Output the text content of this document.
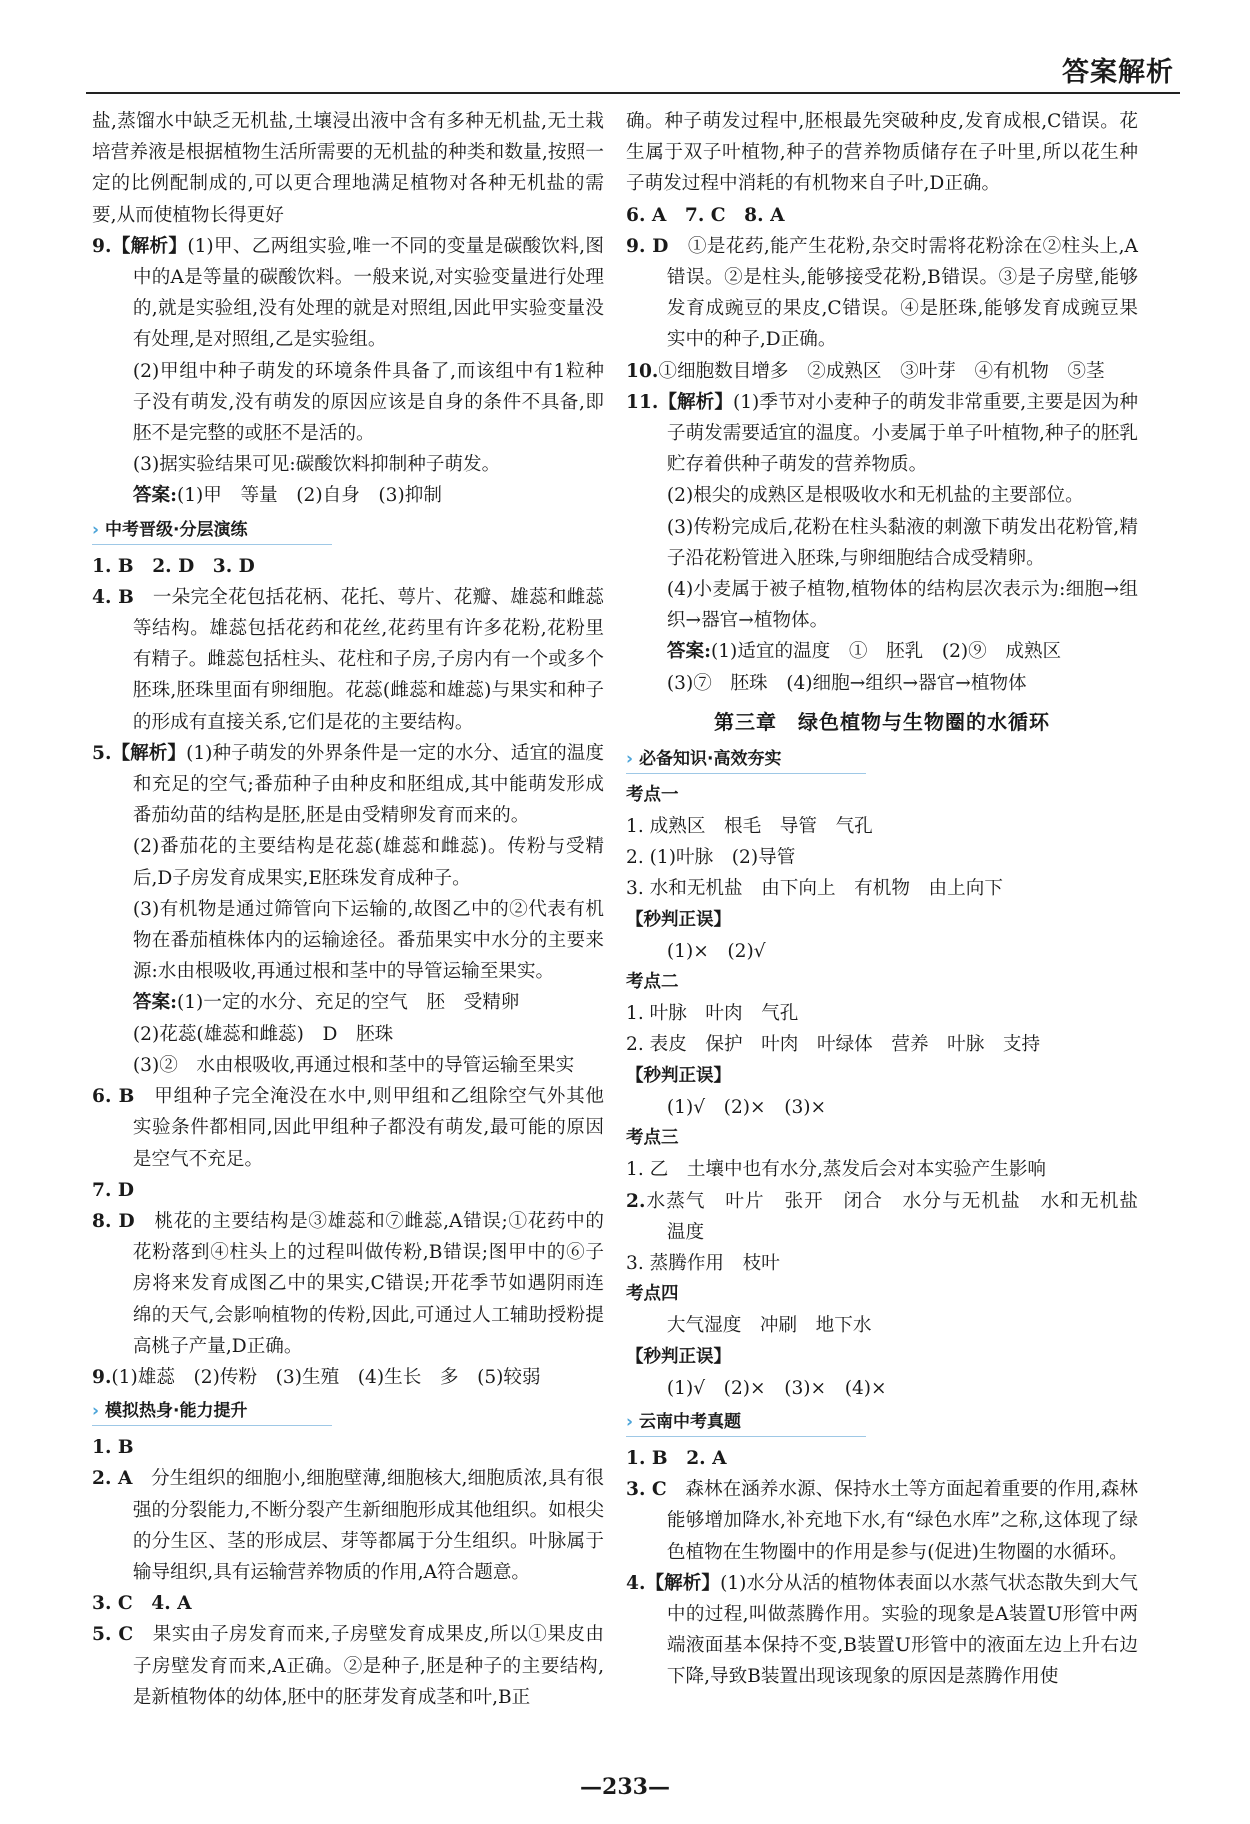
答案解析
盐,蒸馏水中缺乏无机盐,土壤浸出液中含有多种无机盐,无土栽培营养液是根据植物生活所需要的无机盐的种类和数量,按照一定的比例配制成的,可以更合理地满足植物对各种无机盐的需要,从而使植物长得更好
9.【解析】(1)甲、乙两组实验,唯一不同的变量是碳酸饮料,图中的A是等量的碳酸饮料。一般来说,对实验变量进行处理的,就是实验组,没有处理的就是对照组,因此甲实验变量没有处理,是对照组,乙是实验组。
(2)甲组中种子萌发的环境条件具备了,而该组中有1粒种子没有萌发,没有萌发的原因应该是自身的条件不具备,即胚不是完整的或胚不是活的。
(3)据实验结果可见:碳酸饮料抑制种子萌发。
答案:(1)甲　等量　(2)自身　(3)抑制
› 中考晋级·分层演练
1. B　2. D　3. D
4. B　一朵完全花包括花柄、花托、萼片、花瓣、雄蕊和雌蕊等结构。雄蕊包括花药和花丝,花药里有许多花粉,花粉里有精子。雌蕊包括柱头、花柱和子房,子房内有一个或多个胚珠,胚珠里面有卵细胞。花蕊(雌蕊和雄蕊)与果实和种子的形成有直接关系,它们是花的主要结构。
5.【解析】(1)种子萌发的外界条件是一定的水分、适宜的温度和充足的空气;番茄种子由种皮和胚组成,其中能萌发形成番茄幼苗的结构是胚,胚是由受精卵发育而来的。
(2)番茄花的主要结构是花蕊(雄蕊和雌蕊)。传粉与受精后,D子房发育成果实,E胚珠发育成种子。
(3)有机物是通过筛管向下运输的,故图乙中的②代表有机物在番茄植株体内的运输途径。番茄果实中水分的主要来源:水由根吸收,再通过根和茎中的导管运输至果实。
答案:(1)一定的水分、充足的空气　胚　受精卵
(2)花蕊(雄蕊和雌蕊)　D　胚珠
(3)②　水由根吸收,再通过根和茎中的导管运输至果实
6. B　甲组种子完全淹没在水中,则甲组和乙组除空气外其他实验条件都相同,因此甲组种子都没有萌发,最可能的原因是空气不充足。
7. D
8. D　桃花的主要结构是③雄蕊和⑦雌蕊,A错误;①花药中的花粉落到④柱头上的过程叫做传粉,B错误;图甲中的⑥子房将来发育成图乙中的果实,C错误;开花季节如遇阴雨连绵的天气,会影响植物的传粉,因此,可通过人工辅助授粉提高桃子产量,D正确。
9.(1)雄蕊　(2)传粉　(3)生殖　(4)生长　多　(5)较弱
› 模拟热身·能力提升
1. B
2. A　分生组织的细胞小,细胞壁薄,细胞核大,细胞质浓,具有很强的分裂能力,不断分裂产生新细胞形成其他组织。如根尖的分生区、茎的形成层、芽等都属于分生组织。叶脉属于输导组织,具有运输营养物质的作用,A符合题意。
3. C　4. A
5. C　果实由子房发育而来,子房壁发育成果皮,所以①果皮由子房壁发育而来,A正确。②是种子,胚是种子的主要结构,是新植物体的幼体,胚中的胚芽发育成茎和叶,B正
确。种子萌发过程中,胚根最先突破种皮,发育成根,C错误。花生属于双子叶植物,种子的营养物质储存在子叶里,所以花生种子萌发过程中消耗的有机物来自子叶,D正确。
6. A　7. C　8. A
9. D　①是花药,能产生花粉,杂交时需将花粉涂在②柱头上,A错误。②是柱头,能够接受花粉,B错误。③是子房壁,能够发育成豌豆的果皮,C错误。④是胚珠,能够发育成豌豆果实中的种子,D正确。
10.①细胞数目增多　②成熟区　③叶芽　④有机物　⑤茎
11.【解析】(1)季节对小麦种子的萌发非常重要,主要是因为种子萌发需要适宜的温度。小麦属于单子叶植物,种子的胚乳贮存着供种子萌发的营养物质。
(2)根尖的成熟区是根吸收水和无机盐的主要部位。
(3)传粉完成后,花粉在柱头黏液的刺激下萌发出花粉管,精子沿花粉管进入胚珠,与卵细胞结合成受精卵。
(4)小麦属于被子植物,植物体的结构层次表示为:细胞→组织→器官→植物体。
答案:(1)适宜的温度　①　胚乳　(2)⑨　成熟区
(3)⑦　胚珠　(4)细胞→组织→器官→植物体
第三章　绿色植物与生物圈的水循环
› 必备知识·高效夯实
考点一
1. 成熟区　根毛　导管　气孔
2. (1)叶脉　(2)导管
3. 水和无机盐　由下向上　有机物　由上向下
【秒判正误】
(1)×　(2)√
考点二
1. 叶脉　叶肉　气孔
2. 表皮　保护　叶肉　叶绿体　营养　叶脉　支持
【秒判正误】
(1)√　(2)×　(3)×
考点三
1. 乙　土壤中也有水分,蒸发后会对本实验产生影响
2.水蒸气　叶片　张开　闭合　水分与无机盐　水和无机盐　温度
3. 蒸腾作用　枝叶
考点四
大气湿度　冲刷　地下水
【秒判正误】
(1)√　(2)×　(3)×　(4)×
› 云南中考真题
1. B　2. A
3. C　森林在涵养水源、保持水土等方面起着重要的作用,森林能够增加降水,补充地下水,有“绿色水库”之称,这体现了绿色植物在生物圈中的作用是参与(促进)生物圈的水循环。
4.【解析】(1)水分从活的植物体表面以水蒸气状态散失到大气中的过程,叫做蒸腾作用。实验的现象是A装置U形管中两端液面基本保持不变,B装置U形管中的液面左边上升右边下降,导致B装置出现该现象的原因是蒸腾作用使
—233—
